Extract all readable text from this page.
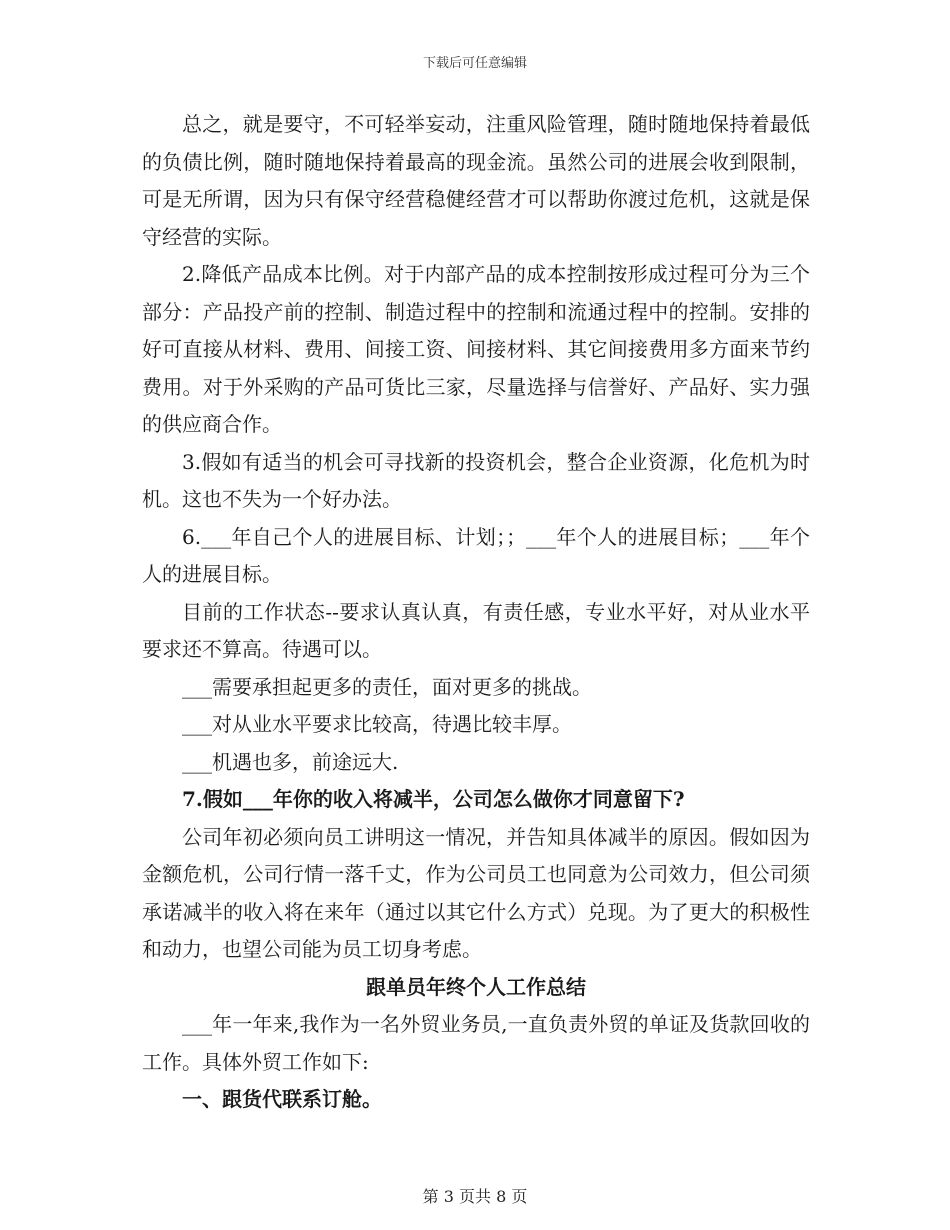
下载后可任意编辑

总之，就是要守，不可轻举妄动，注重风险管理，随时随地保持着最低的负债比例，随时随地保持着最高的现金流。虽然公司的进展会收到限制，可是无所谓，因为只有保守经营稳健经营才可以帮助你渡过危机，这就是保守经营的实际。

2.降低产品成本比例。对于内部产品的成本控制按形成过程可分为三个部分：产品投产前的控制、制造过程中的控制和流通过程中的控制。安排的好可直接从材料、费用、间接工资、间接材料、其它间接费用多方面来节约费用。对于外采购的产品可货比三家，尽量选择与信誉好、产品好、实力强的供应商合作。

3.假如有适当的机会可寻找新的投资机会，整合企业资源，化危机为时机。这也不失为一个好办法。

6.___年自己个人的进展目标、计划；；___年个人的进展目标；___年个人的进展目标。

目前的工作状态--要求认真认真，有责任感，专业水平好，对从业水平要求还不算高。待遇可以。

___需要承担起更多的责任，面对更多的挑战。

___对从业水平要求比较高，待遇比较丰厚。

___机遇也多，前途远大.

7.假如___年你的收入将减半，公司怎么做你才同意留下?

公司年初必须向员工讲明这一情况，并告知具体减半的原因。假如因为金额危机，公司行情一落千丈，作为公司员工也同意为公司效力，但公司须承诺减半的收入将在来年（通过以其它什么方式）兑现。为了更大的积极性和动力，也望公司能为员工切身考虑。

跟单员年终个人工作总结

___年一年来,我作为一名外贸业务员,一直负责外贸的单证及货款回收的工作。具体外贸工作如下:

一、跟货代联系订舱。

第 3 页共 8 页
